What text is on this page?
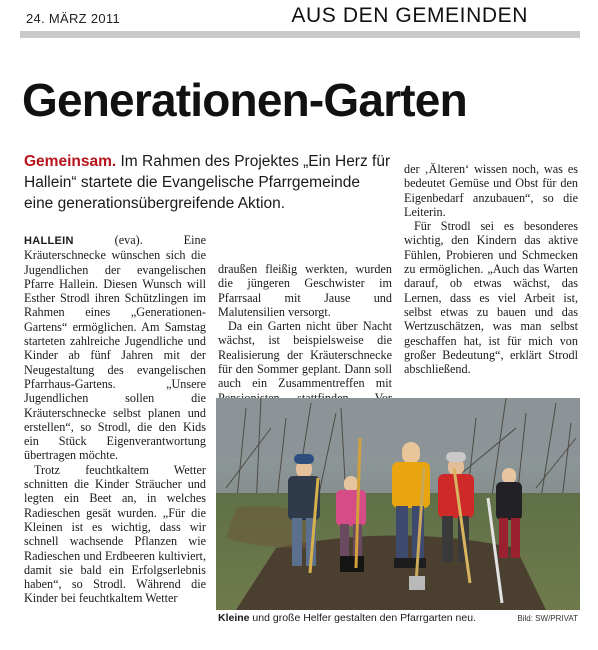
24. MÄRZ 2011	AUS DEN GEMEINDEN
Generationen-Garten
Gemeinsam. Im Rahmen des Projektes „Ein Herz für Hallein“ startete die Evangelische Pfarrgemeinde eine generationsübergreifende Aktion.

HALLEIN (eva). Eine Kräuterschnecke wünschen sich die Jugendlichen der evangelischen Pfarre Hallein. Diesen Wunsch will Esther Strodl ihren Schützlingen im Rahmen eines „Generationen-Gartens“ ermöglichen. Am Samstag starteten zahlreiche Jugendliche und Kinder ab fünf Jahren mit der Neugestaltung des evangelischen Pfarrhaus-Gartens. „Unsere Jugendlichen sollen die Kräuterschnecke selbst planen und erstellen“, so Strodl, die den Kids ein Stück Eigenverantwortung übertragen möchte.

Trotz feuchtkaltem Wetter schnitten die Kinder Sträucher und legten ein Beet an, in welches Radieschen gesät wurden. „Für die Kleinen ist es wichtig, dass wir schnell wachsende Pflanzen wie Radieschen und Erdbeeren kultiviert, damit sie bald ein Erfolgserlebnis haben“, so Strodl. Während die Kinder bei feuchtkaltem Wetter

draußen fleißig werkten, wurden die jüngeren Geschwister im Pfarrsaal mit Jause und Malutensilien versorgt.

Da ein Garten nicht über Nacht wächst, ist beispielsweise die Realisierung der Kräuterschnecke für den Sommer geplant. Dann soll auch ein Zusammentreffen mit

der ‚Älteren‘ wissen noch, was es bedeutet Gemüse und Obst für den Eigenbedarf anzubauen“, so die Leiterin.

Für Strodl sei es besonderes wichtig, den Kindern das aktive Fühlen, Probieren und Schmecken zu ermöglichen. „Auch das Warten darauf, ob etwas wächst, das Lernen, dass es viel Arbeit ist, selbst etwas zu bauen und das Wertzuschätzen, was man selbst geschaffen hat, ist für mich von großer Bedeutung“, erklärt Strodl abschließend.

Kleine und große Helfer gestalten den Pfarrgarten neu.	Bild: SW/PRIVAT
